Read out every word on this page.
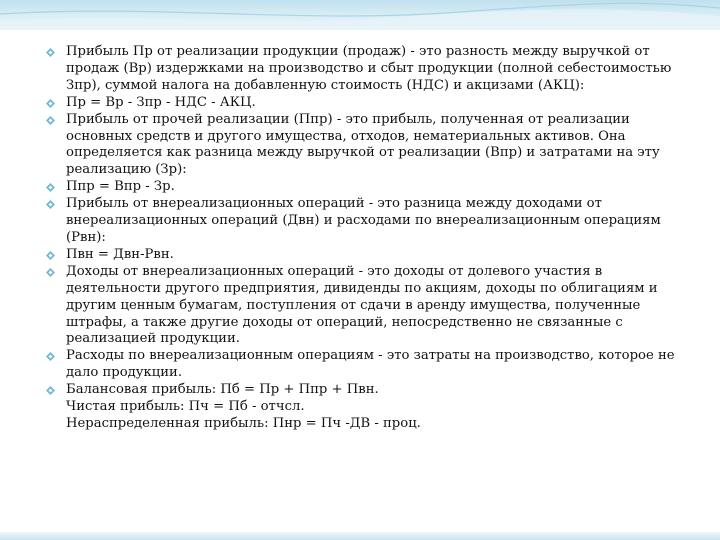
Прибыль Пр от реализации продукции (продаж) - это разность между выручкой от продаж (Вр) издержками на производство и сбыт продукции (полной себестоимостью Зпр), суммой налога на добавленную стоимость (НДС) и акцизами (АКЦ):
Пр = Вр - Зпр - НДС - АКЦ.
Прибыль от прочей реализации (Ппр) - это прибыль, полученная от реализации основных средств и другого имущества, отходов, нематериальных активов. Она определяется как разница между выручкой от реализации (Впр) и затратами на эту реализацию (Зр):
Ппр = Впр - Зр.
Прибыль от внереализационных операций - это разница между доходами от внереализационных операций (Двн) и расходами по внереализационным операциям (Рвн):
Пвн = Двн-Рвн.
Доходы от внереализационных операций - это доходы от долевого участия в деятельности другого предприятия, дивиденды по акциям, доходы по облигациям и другим ценным бумагам, поступления от сдачи в аренду имущества, полученные штрафы, а также другие доходы от операций, непосредственно не связанные с реализацией продукции.
Расходы по внереализационным операциям - это затраты на производство, которое не дало продукции.
Балансовая прибыль: Пб = Пр + Ппр + Пвн.
Чистая прибыль: Пч = Пб - отчсл.
Нераспределенная прибыль: Пнр = Пч -ДВ - проц.
